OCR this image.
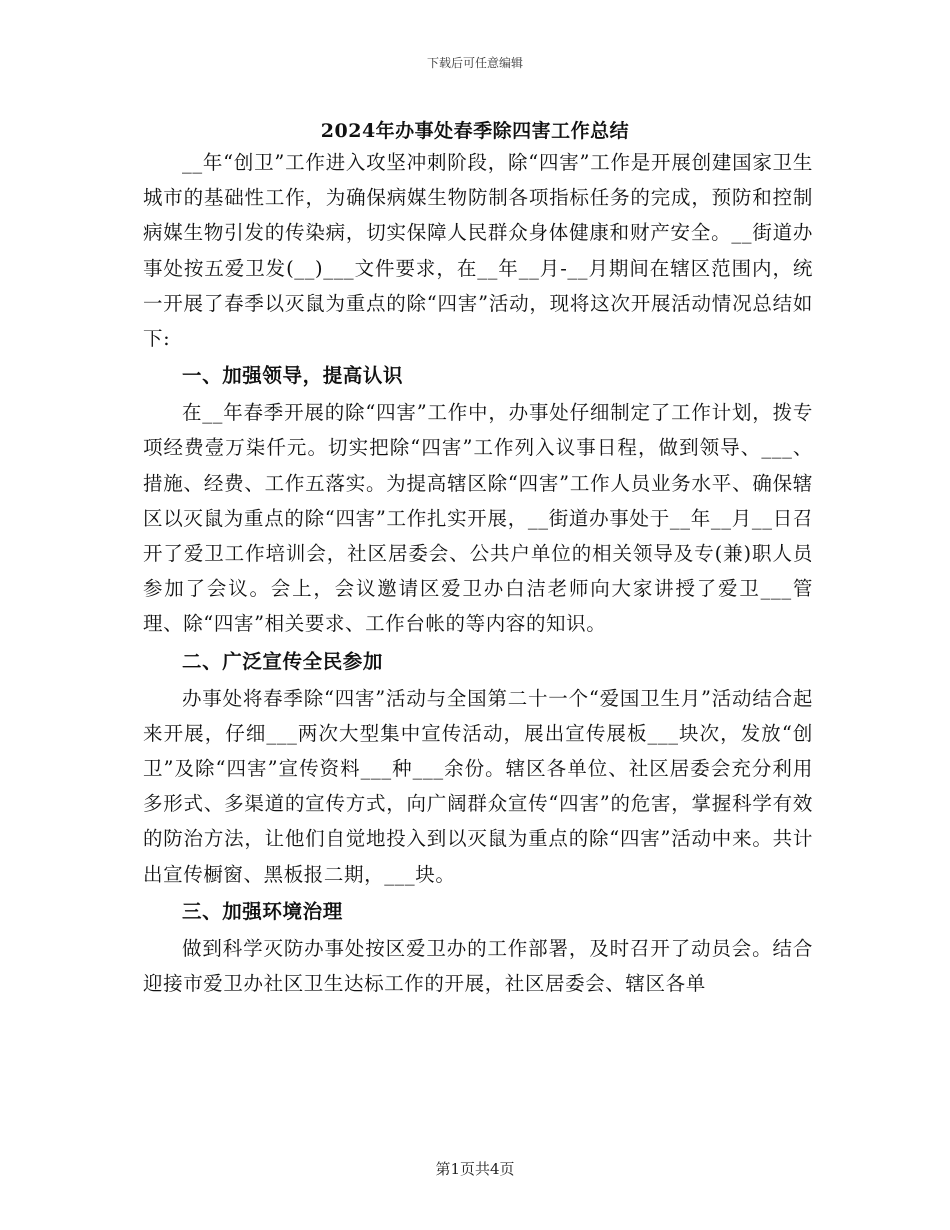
下载后可任意编辑
2024年办事处春季除四害工作总结

__年“创卫”工作进入攻坚冲刺阶段，除“四害”工作是开展创建国家卫生城市的基础性工作，为确保病媒生物防制各项指标任务的完成，预防和控制病媒生物引发的传染病，切实保障人民群众身体健康和财产安全。__街道办事处按五爱卫发(__)___文件要求，在__年__月-__月期间在辖区范围内，统一开展了春季以灭鼠为重点的除“四害”活动，现将这次开展活动情况总结如下:

一、加强领导，提高认识

在__年春季开展的除“四害”工作中，办事处仔细制定了工作计划，拨专项经费壹万柒仟元。切实把除“四害”工作列入议事日程，做到领导、___、措施、经费、工作五落实。为提高辖区除“四害”工作人员业务水平、确保辖区以灭鼠为重点的除“四害”工作扎实开展，__街道办事处于__年__月__日召开了爱卫工作培训会，社区居委会、公共户单位的相关领导及专(兼)职人员参加了会议。会上，会议邀请区爱卫办白洁老师向大家讲授了爱卫___管理、除“四害”相关要求、工作台帐的等内容的知识。

二、广泛宣传全民参加

办事处将春季除“四害”活动与全国第二十一个“爱国卫生月”活动结合起来开展，仔细___两次大型集中宣传活动，展出宣传展板___块次，发放“创卫”及除“四害”宣传资料___种___余份。辖区各单位、社区居委会充分利用多形式、多渠道的宣传方式，向广阔群众宣传“四害”的危害，掌握科学有效的防治方法，让他们自觉地投入到以灭鼠为重点的除“四害”活动中来。共计出宣传橱窗、黑板报二期，___块。

三、加强环境治理

做到科学灭防办事处按区爱卫办的工作部署，及时召开了动员会。结合迎接市爱卫办社区卫生达标工作的开展，社区居委会、辖区各单

第1页共4页
